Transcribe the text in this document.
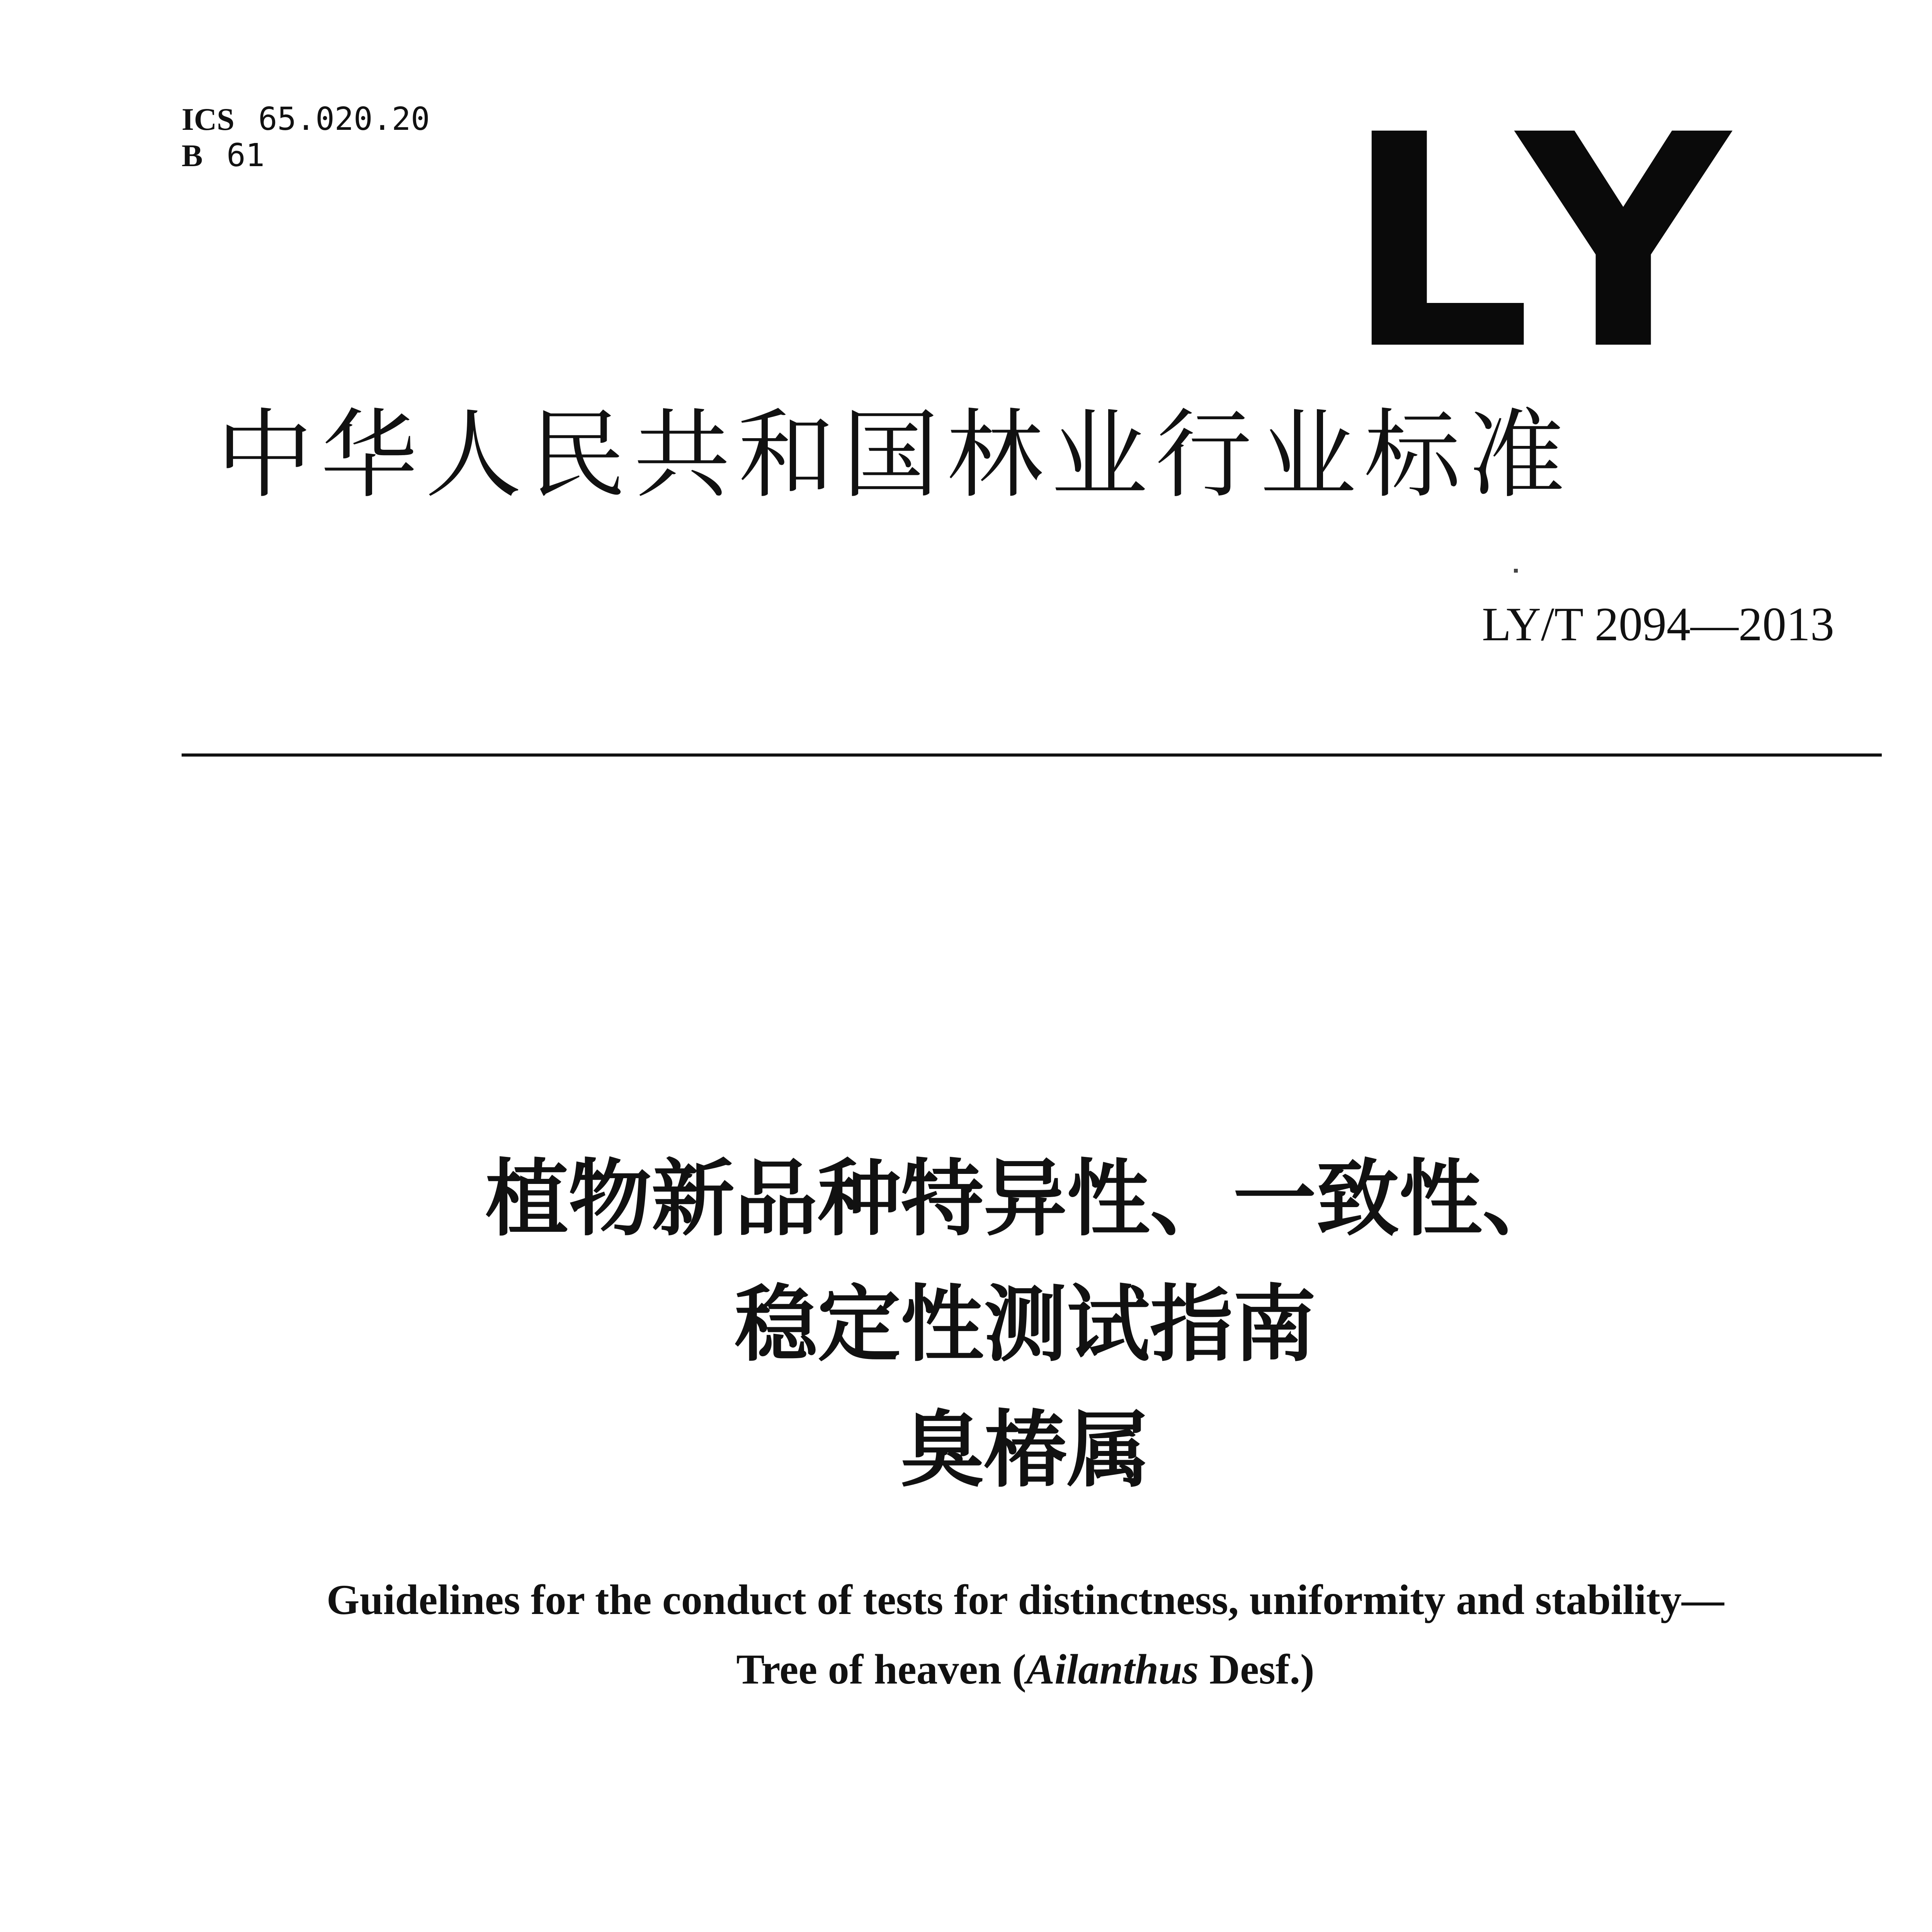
ICS 65.020.20
B 61	LY
中华人民共和国林业行业标准
LY/T 2094—2013
植物新品种特异性、一致性、
稳定性测试指南
臭椿属
Guidelines for the conduct of tests for distinctness, uniformity and stability—
Tree of heaven (Ailanthus Desf.)
